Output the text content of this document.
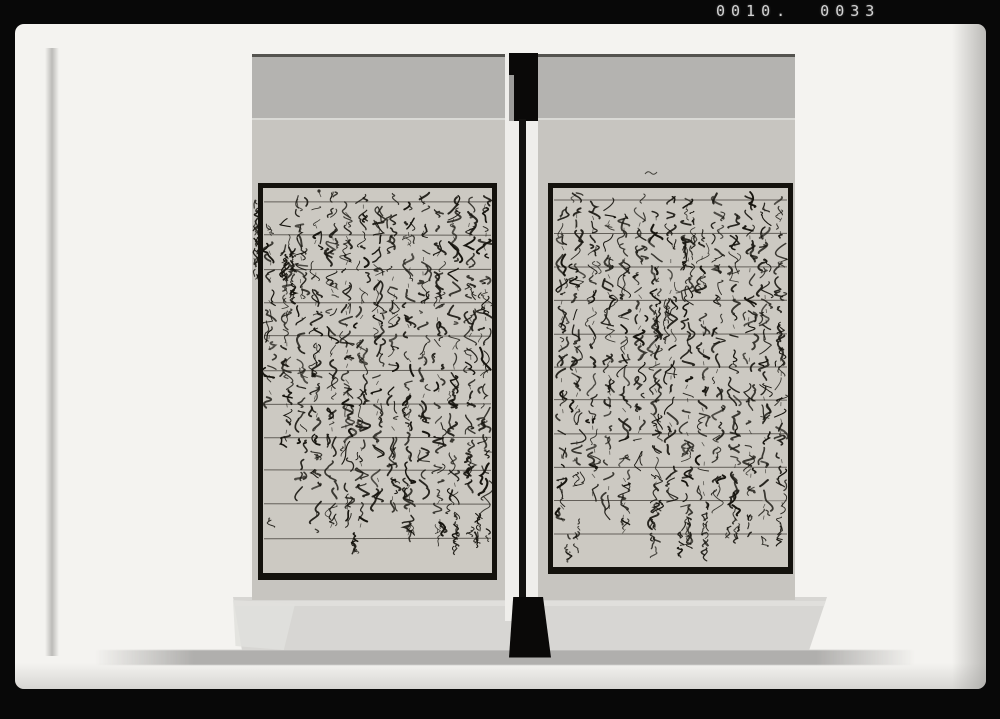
0010. 0033
